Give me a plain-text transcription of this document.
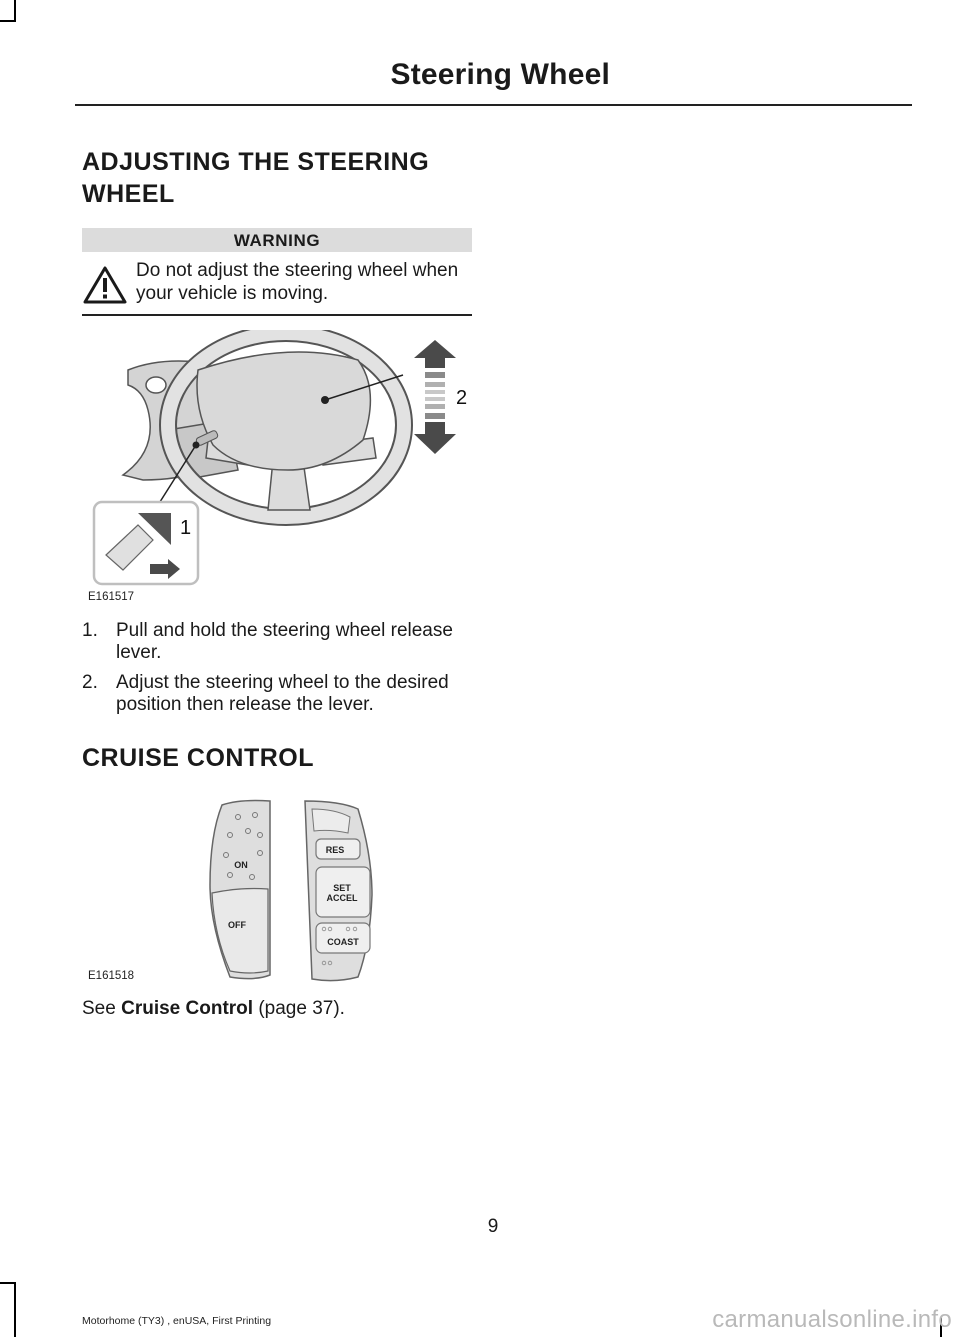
Steering Wheel
ADJUSTING THE STEERING
WHEEL
WARNING
Do not adjust the steering wheel when your vehicle is moving.
1
2
E161517
1. Pull and hold the steering wheel release lever.
2. Adjust the steering wheel to the desired position then release the lever.
CRUISE CONTROL
ON
OFF
RES
SET
ACCEL
COAST
E161518
See Cruise Control (page 37).
9
Motorhome (TY3) , enUSA, First Printing	carmanualsonline.info
